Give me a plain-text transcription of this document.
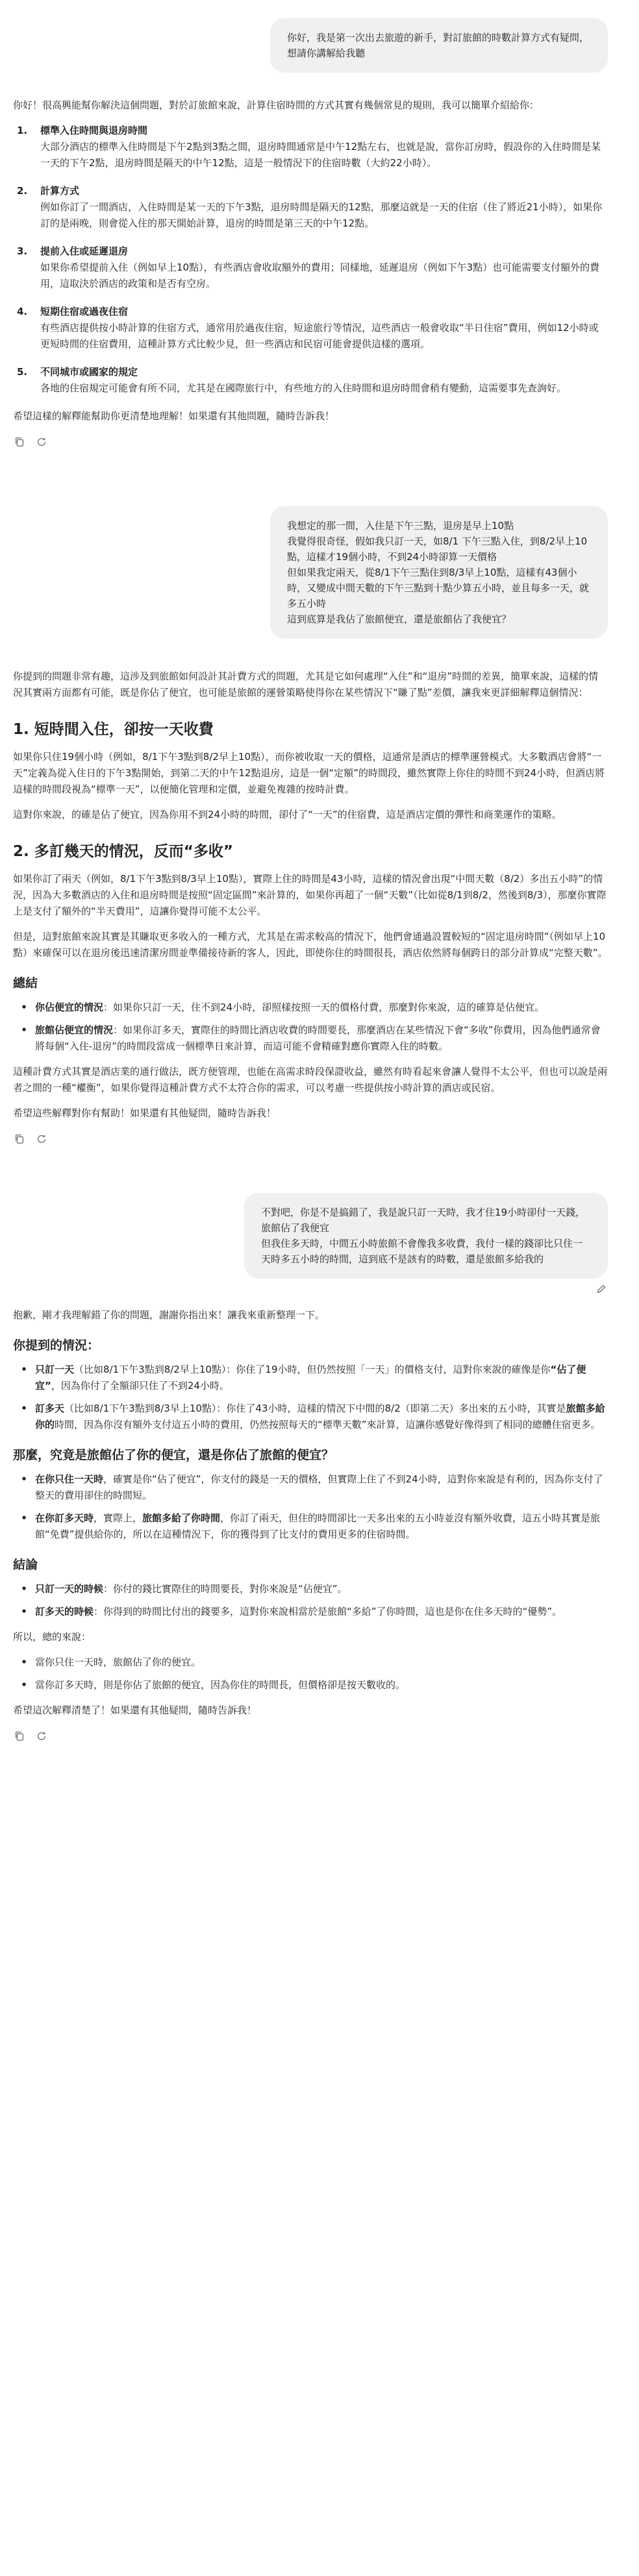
你好，我是第一次出去旅遊的新手，對訂旅館的時數計算方式有疑問，
想請你講解給我聽

你好！很高興能幫你解決這個問題，對於訂旅館來說，計算住宿時間的方式其實有幾個常見的規則，我可以簡單介紹給你：

1.	標準入住時間與退房時間
大部分酒店的標準入住時間是下午2點到3點之間，退房時間通常是中午12點左右，也就是說，當你訂房時，假設你的入住時間是某一天的下午2點，退房時間是隔天的中午12點，這是一般情況下的住宿時數（大約22小時）。
2.	計算方式
例如你訂了一間酒店，入住時間是某一天的下午3點，退房時間是隔天的12點，那麼這就是一天的住宿（住了將近21小時），如果你訂的是兩晚，則會從入住的那天開始計算，退房的時間是第三天的中午12點。
3.	提前入住或延遲退房
如果你希望提前入住（例如早上10點），有些酒店會收取額外的費用；同樣地，延遲退房（例如下午3點）也可能需要支付額外的費用，這取決於酒店的政策和是否有空房。
4.	短期住宿或過夜住宿
有些酒店提供按小時計算的住宿方式，通常用於過夜住宿，短途旅行等情況，這些酒店一般會收取“半日住宿”費用，例如12小時或更短時間的住宿費用，這種計算方式比較少見，但一些酒店和民宿可能會提供這樣的選項。
5.	不同城市或國家的規定
各地的住宿規定可能會有所不同，尤其是在國際旅行中，有些地方的入住時間和退房時間會稍有變動，這需要事先查詢好。

希望這樣的解釋能幫助你更清楚地理解！如果還有其他問題，隨時告訴我！

我想定的那一間，入住是下午三點，退房是早上10點
我覺得很奇怪，假如我只訂一天，如8/1 下午三點入住，到8/2早上10點，這樣才19個小時，不到24小時卻算一天價格
但如果我定兩天，從8/1下午三點住到8/3早上10點，這樣有43個小時，又變成中間天數的下午三點到十點少算五小時，並且每多一天，就多五小時
這到底算是我佔了旅館便宜，還是旅館佔了我便宜？

你提到的問題非常有趣，這涉及到旅館如何設計其計費方式的問題，尤其是它如何處理“入住”和“退房”時間的差異，簡單來說，這樣的情況其實兩方面都有可能，既是你佔了便宜，也可能是旅館的運營策略使得你在某些情況下“賺了點”差價，讓我來更詳細解釋這個情況：

1. 短時間入住，卻按一天收費

如果你只住19個小時（例如，8/1下午3點到8/2早上10點），而你被收取一天的價格，這通常是酒店的標準運營模式。大多數酒店會將“一天”定義為從入住日的下午3點開始，到第二天的中午12點退房，這是一個“定額”的時間段，雖然實際上你住的時間不到24小時，但酒店將這樣的時間段視為“標準一天”，以便簡化管理和定價，並避免複雜的按時計費。

這對你來說，的確是佔了便宜，因為你用不到24小時的時間，卻付了“一天”的住宿費，這是酒店定價的彈性和商業運作的策略。

2. 多訂幾天的情況，反而“多收”

如果你訂了兩天（例如，8/1下午3點到8/3早上10點），實際上住的時間是43小時，這樣的情況會出現“中間天數（8/2）多出五小時”的情況，因為大多數酒店的入住和退房時間是按照“固定區間”來計算的，如果你再超了一個“天數”（比如從8/1到8/2，然後到8/3），那麼你實際上是支付了額外的“半天費用”，這讓你覺得可能不太公平。

但是，這對旅館來說其實是其賺取更多收入的一種方式，尤其是在需求較高的情況下，他們會通過設置較短的“固定退房時間”（例如早上10點）來確保可以在退房後迅速清潔房間並準備接待新的客人，因此，即使你住的時間很長，酒店依然將每個跨日的部分計算成“完整天數”。

總結
• 你佔便宜的情況：如果你只訂一天，住不到24小時，卻照樣按照一天的價格付費，那麼對你來說，這的確算是佔便宜。
• 旅館佔便宜的情況：如果你訂多天，實際住的時間比酒店收費的時間要長，那麼酒店在某些情況下會“多收”你費用，因為他們通常會將每個“入住-退房”的時間段當成一個標準日來計算，而這可能不會精確對應你實際入住的時數。

這種計費方式其實是酒店業的通行做法，既方便管理，也能在高需求時段保證收益，雖然有時看起來會讓人覺得不太公平，但也可以說是兩者之間的一種“權衡”，如果你覺得這種計費方式不太符合你的需求，可以考慮一些提供按小時計算的酒店或民宿。

希望這些解釋對你有幫助！如果還有其他疑問，隨時告訴我！

不對吧，你是不是搞錯了，我是說只訂一天時，我才住19小時卻付一天錢，旅館佔了我便宜
但我住多天時，中間五小時旅館不會像我多收費，我付一樣的錢卻比只住一天時多五小時的時間，這到底不是該有的時數，還是旅館多給我的

抱歉，剛才我理解錯了你的問題，謝謝你指出來！讓我來重新整理一下。

你提到的情況：
• 只訂一天（比如8/1下午3點到8/2早上10點）：你住了19小時，但仍然按照「一天」的價格支付，這對你來說的確像是你“佔了便宜”，因為你付了全額卻只住了不到24小時。
• 訂多天（比如8/1下午3點到8/3早上10點）：你住了43小時，這樣的情況下中間的8/2（即第二天）多出來的五小時，其實是旅館多給你的時間，因為你沒有額外支付這五小時的費用，仍然按照每天的“標準天數”來計算，這讓你感覺好像得到了相同的總體住宿更多。
那麼，究竟是旅館佔了你的便宜，還是你佔了旅館的便宜？
• 在你只住一天時，確實是你“佔了便宜”，你支付的錢是一天的價格，但實際上住了不到24小時，這對你來說是有利的，因為你支付了整天的費用卻住的時間短。
• 在你訂多天時，實際上，旅館多給了你時間，你訂了兩天，但住的時間卻比一天多出來的五小時並沒有額外收費，這五小時其實是旅館“免費”提供給你的，所以在這種情況下，你的獲得到了比支付的費用更多的住宿時間。
結論
• 只訂一天的時候：你付的錢比實際住的時間要長，對你來說是“佔便宜”。
• 訂多天的時候：你得到的時間比付出的錢要多，這對你來說相當於是旅館“多給”了你時間，這也是你在住多天時的“優勢”。

所以，總的來說：

• 當你只住一天時，旅館佔了你的便宜。
• 當你訂多天時，則是你佔了旅館的便宜，因為你住的時間長，但價格卻是按天數收的。

希望這次解釋清楚了！如果還有其他疑問，隨時告訴我！
